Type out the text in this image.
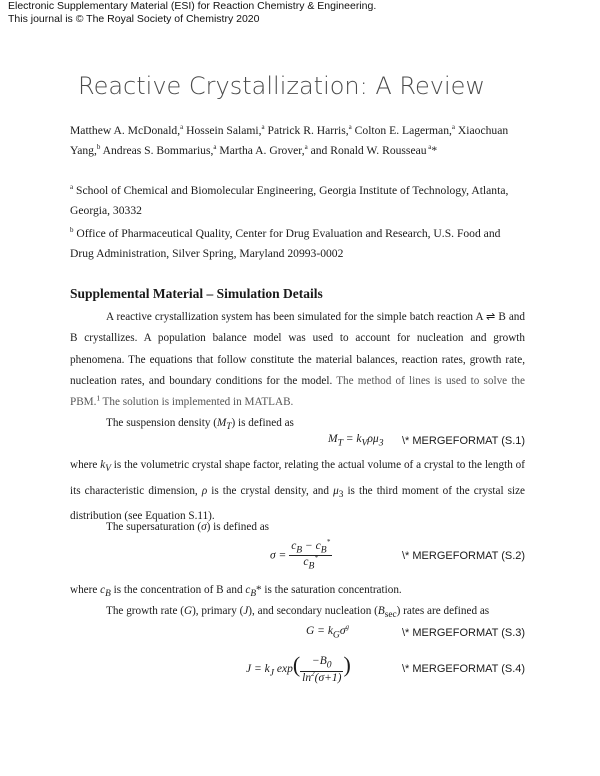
Electronic Supplementary Material (ESI) for Reaction Chemistry & Engineering.
This journal is © The Royal Society of Chemistry 2020
Reactive Crystallization: A Review
Matthew A. McDonald,$^a$ Hossein Salami,$^a$ Patrick R. Harris,$^a$ Colton E. Lagerman,$^a$ Xiaochuan
Yang,$^b$ Andreas S. Bommarius,$^a$ Martha A. Grover,$^a$ and Ronald W. Rousseau $^a$*
$^a$ School of Chemical and Biomolecular Engineering, Georgia Institute of Technology, Atlanta,
Georgia, 30332
$^b$ Office of Pharmaceutical Quality, Center for Drug Evaluation and Research, U.S. Food and
Drug Administration, Silver Spring, Maryland 20993-0002
Supplemental Material – Simulation Details
A reactive crystallization system has been simulated for the simple batch reaction A ⇌ B and B crystallizes. A population balance model was used to account for nucleation and growth phenomena. The equations that follow constitute the material balances, reaction rates, growth rate, nucleation rates, and boundary conditions for the model. The method of lines is used to solve the PBM.$^1$ The solution is implemented in MATLAB.
The suspension density $(M_T)$ is defined as
$M_T = k_V\rho\mu_3$ \* MERGEFORMAT (S.1)
where $k_V$ is the volumetric crystal shape factor, relating the actual volume of a crystal to the length of its characteristic dimension, ρ is the crystal density, and $\mu_3$ is the third moment of the crystal size distribution (see Equation S.11).
The supersaturation (σ) is defined as
$\sigma = \frac{c_B - c_B^*}{c_B^*}$	\* MERGEFORMAT (S.2)
where $c_B$ is the concentration of B and $c_B*$ is the saturation concentration.
The growth rate (G), primary (J), and secondary nucleation $(B_{sec})$ rates are defined as
$G = k_G\sigma^g$	\* MERGEFORMAT (S.3)
$J = k_J$ $\exp( \frac{-B_0}{\ln^2(\sigma+1)}$ )	\* MERGEFORMAT (S.4)
